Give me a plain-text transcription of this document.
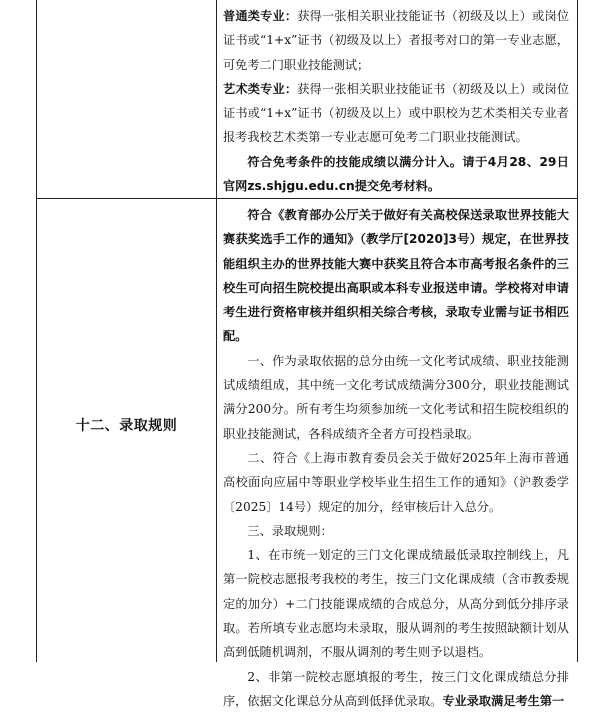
普通类专业：获得一张相关职业技能证书（初级及以上）或岗位证书或“1+x”证书（初级及以上）者报考对口的第一专业志愿，可免考二门职业技能测试；

艺术类专业：获得一张相关职业技能证书（初级及以上）或岗位证书或“1+x”证书（初级及以上）或中职校为艺术类相关专业者报考我校艺术类第一专业志愿可免考二门职业技能测试。

符合免考条件的技能成绩以满分计入。请于4月28、29日官网zs.shjgu.edu.cn提交免考材料。

十二、录取规则

符合《教育部办公厅关于做好有关高校保送录取世界技能大赛获奖选手工作的通知》（教学厅[2020]3号）规定，在世界技能组织主办的世界技能大赛中获奖且符合本市高考报名条件的三校生可向招生院校提出高职或本科专业报送申请。学校将对申请考生进行资格审核并组织相关综合考核，录取专业需与证书相匹配。

一、作为录取依据的总分由统一文化考试成绩、职业技能测试成绩组成，其中统一文化考试成绩满分300分，职业技能测试满分200分。所有考生均须参加统一文化考试和招生院校组织的职业技能测试，各科成绩齐全者方可投档录取。

二、符合《上海市教育委员会关于做好2025年上海市普通高校面向应届中等职业学校毕业生招生工作的通知》（沪教委学〔2025〕14号）规定的加分，经审核后计入总分。

三、录取规则：

1、在市统一划定的三门文化课成绩最低录取控制线上，凡第一院校志愿报考我校的考生，按三门文化课成绩（含市教委规定的加分）+二门技能课成绩的合成总分，从高分到低分排序录取。若所填专业志愿均未录取，服从调剂的考生按照缺额计划从高到低随机调剂，不服从调剂的考生则予以退档。

2、非第一院校志愿填报的考生，按三门文化课成绩总分排序，依据文化课总分从高到低择优录取。专业录取满足考生第一
